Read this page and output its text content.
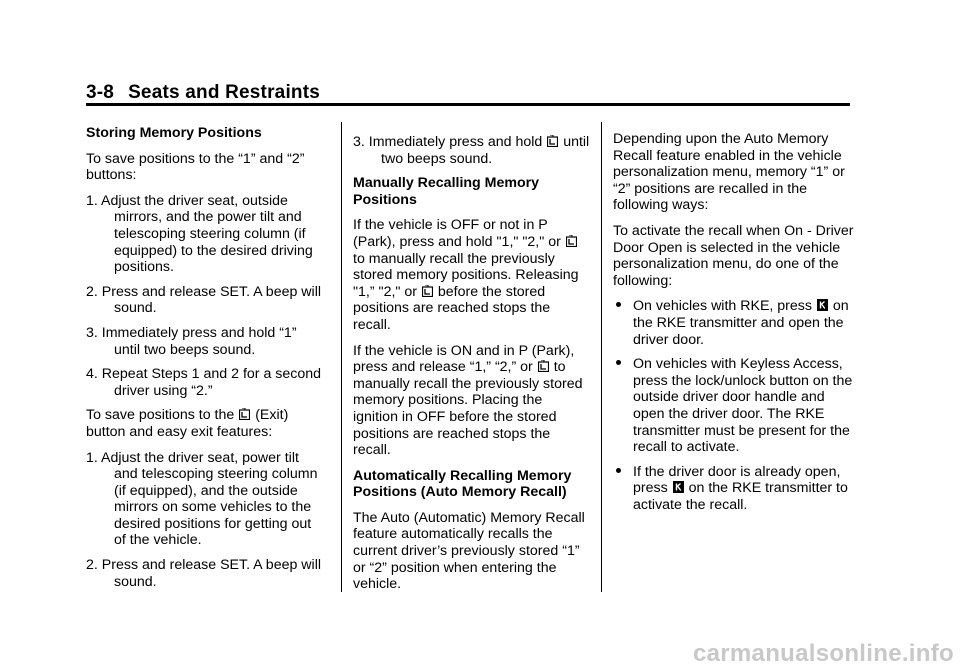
3-8 Seats and Restraints

Storing Memory Positions

To save positions to the “1” and “2” buttons:

1. Adjust the driver seat, outside mirrors, and the power tilt and telescoping steering column (if equipped) to the desired driving positions.

2. Press and release SET. A beep will sound.

3. Immediately press and hold “1” until two beeps sound.

4. Repeat Steps 1 and 2 for a second driver using “2.”

To save positions to the (Exit) button and easy exit features:

1. Adjust the driver seat, power tilt and telescoping steering column (if equipped), and the outside mirrors on some vehicles to the desired positions for getting out of the vehicle.

2. Press and release SET. A beep will sound.

3. Immediately press and hold until two beeps sound.

Manually Recalling Memory Positions

If the vehicle is OFF or not in P (Park), press and hold "1," "2," or
to manually recall the previously stored memory positions. Releasing "1,” "2," or before the stored positions are reached stops the recall.

If the vehicle is ON and in P (Park), press and release “1,” “2,” or to manually recall the previously stored memory positions. Placing the ignition in OFF before the stored positions are reached stops the recall.

Automatically Recalling Memory Positions (Auto Memory Recall)

The Auto (Automatic) Memory Recall feature automatically recalls the current driver’s previously stored “1” or “2” position when entering the vehicle.

Depending upon the Auto Memory Recall feature enabled in the vehicle personalization menu, memory “1” or “2” positions are recalled in the following ways:

To activate the recall when On - Driver Door Open is selected in the vehicle personalization menu, do one of the following:

On vehicles with RKE, press on the RKE transmitter and open the driver door.
On vehicles with Keyless Access, press the lock/unlock button on the outside driver door handle and open the driver door. The RKE transmitter must be present for the recall to activate.
If the driver door is already open, press on the RKE transmitter to activate the recall.
carmanualsonline.info
